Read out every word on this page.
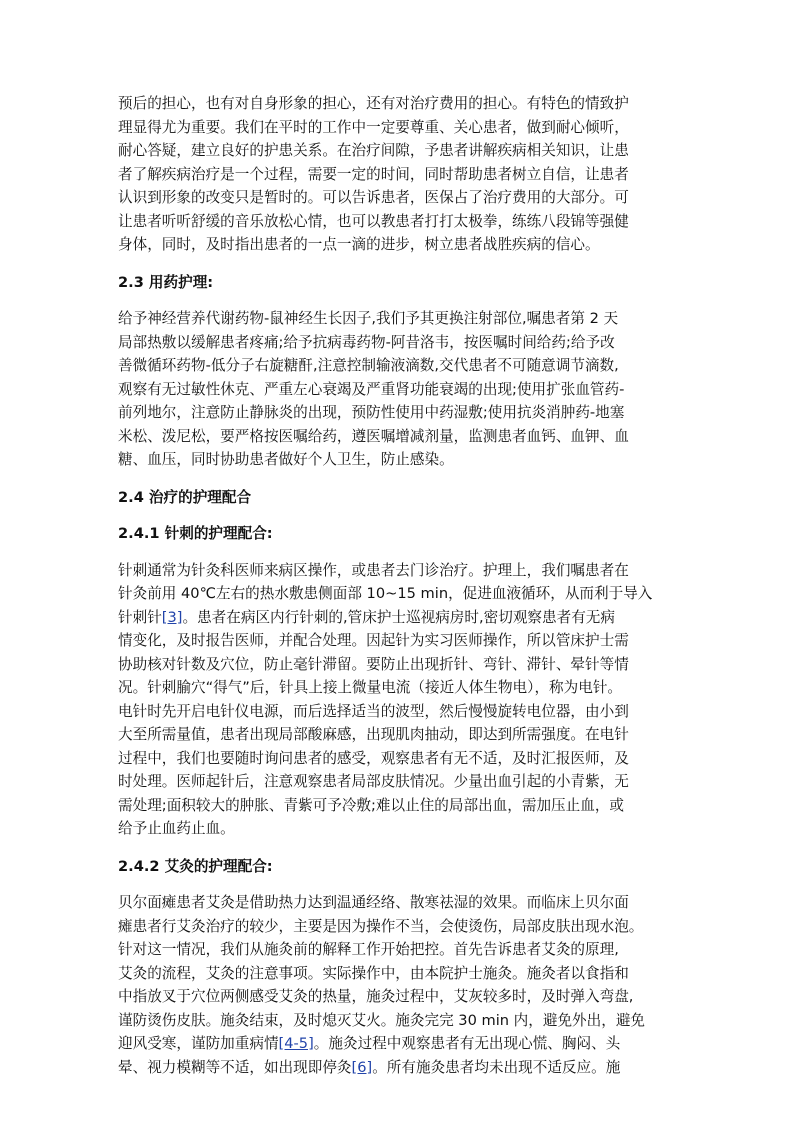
预后的担心，也有对自身形象的担心，还有对治疗费用的担心。有特色的情致护
理显得尤为重要。我们在平时的工作中一定要尊重、关心患者，做到耐心倾听，
耐心答疑，建立良好的护患关系。在治疗间隙，予患者讲解疾病相关知识，让患
者了解疾病治疗是一个过程，需要一定的时间，同时帮助患者树立自信，让患者
认识到形象的改变只是暂时的。可以告诉患者，医保占了治疗费用的大部分。可
让患者听听舒缓的音乐放松心情，也可以教患者打打太极拳，练练八段锦等强健
身体，同时，及时指出患者的一点一滴的进步，树立患者战胜疾病的信心。

2.3 用药护理:

给予神经营养代谢药物-鼠神经生长因子,我们予其更换注射部位,嘱患者第 2 天
局部热敷以缓解患者疼痛;给予抗病毒药物-阿昔洛韦，按医嘱时间给药;给予改
善微循环药物-低分子右旋糖酐,注意控制输液滴数,交代患者不可随意调节滴数,
观察有无过敏性休克、严重左心衰竭及严重肾功能衰竭的出现;使用扩张血管药-
前列地尔，注意防止静脉炎的出现，预防性使用中药湿敷;使用抗炎消肿药-地塞
米松、泼尼松，要严格按医嘱给药，遵医嘱增减剂量，监测患者血钙、血钾、血
糖、血压，同时协助患者做好个人卫生，防止感染。

2.4 治疗的护理配合
2.4.1 针刺的护理配合:

针刺通常为针灸科医师来病区操作，或患者去门诊治疗。护理上，我们嘱患者在
针灸前用 40℃左右的热水敷患侧面部 10~15 min，促进血液循环，从而利于导入
针刺针[3]。患者在病区内行针刺的,管床护士巡视病房时,密切观察患者有无病
情变化，及时报告医师，并配合处理。因起针为实习医师操作，所以管床护士需
协助核对针数及穴位，防止毫针滞留。要防止出现折针、弯针、滞针、晕针等情
况。针刺腧穴“得气”后，针具上接上微量电流（接近人体生物电），称为电针。
电针时先开启电针仪电源，而后选择适当的波型，然后慢慢旋转电位器，由小到
大至所需量值，患者出现局部酸麻感，出现肌肉抽动，即达到所需强度。在电针
过程中，我们也要随时询问患者的感受，观察患者有无不适，及时汇报医师，及
时处理。医师起针后，注意观察患者局部皮肤情况。少量出血引起的小青紫，无
需处理;面积较大的肿胀、青紫可予冷敷;难以止住的局部出血，需加压止血，或
给予止血药止血。

2.4.2 艾灸的护理配合:

贝尔面瘫患者艾灸是借助热力达到温通经络、散寒祛湿的效果。而临床上贝尔面
瘫患者行艾灸治疗的较少，主要是因为操作不当，会使烫伤，局部皮肤出现水泡。
针对这一情况，我们从施灸前的解释工作开始把控。首先告诉患者艾灸的原理,
艾灸的流程，艾灸的注意事项。实际操作中，由本院护士施灸。施灸者以食指和
中指放叉于穴位两侧感受艾灸的热量，施灸过程中，艾灰较多时，及时弹入弯盘,
谨防烫伤皮肤。施灸结束，及时熄灭艾火。施灸完完 30 min 内，避免外出，避免
迎风受寒，谨防加重病情[4-5]。施灸过程中观察患者有无出现心慌、胸闷、头
晕、视力模糊等不适，如出现即停灸[6]。所有施灸患者均未出现不适反应。施
